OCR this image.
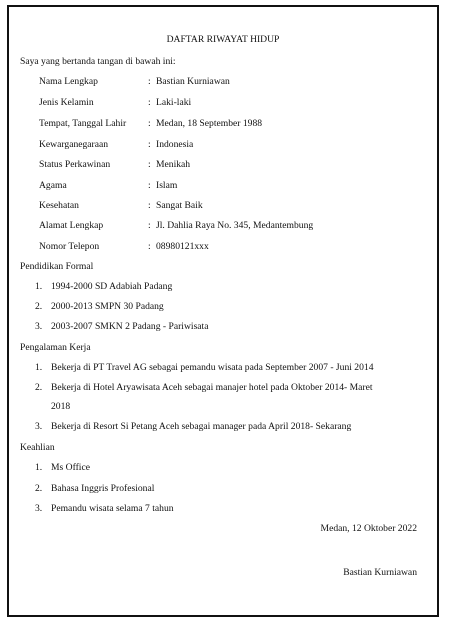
DAFTAR RIWAYAT HIDUP
Saya yang bertanda tangan di bawah ini:
Nama Lengkap	: Bastian Kurniawan
Jenis Kelamin	: Laki-laki
Tempat, Tanggal Lahir : Medan, 18 September 1988
Kewarganegaraan	: Indonesia
Status Perkawinan	: Menikah
Agama	: Islam
Kesehatan	: Sangat Baik
Alamat Lengkap	: Jl. Dahlia Raya No. 345, Medantembung
Nomor Telepon	: 08980121xxx
Pendidikan Formal
1. 1994-2000 SD Adabiah Padang
2. 2000-2013 SMPN 30 Padang
3. 2003-2007 SMKN 2 Padang - Pariwisata
Pengalaman Kerja
1. Bekerja di PT Travel AG sebagai pemandu wisata pada September 2007 - Juni 2014
2. Bekerja di Hotel Aryawisata Aceh sebagai manajer hotel pada Oktober 2014- Maret
2018
3. Bekerja di Resort Si Petang Aceh sebagai manager pada April 2018- Sekarang
Keahlian
1. Ms Office
2. Bahasa Inggris Profesional
3. Pemandu wisata selama 7 tahun
Medan, 12 Oktober 2022
Bastian Kurniawan
